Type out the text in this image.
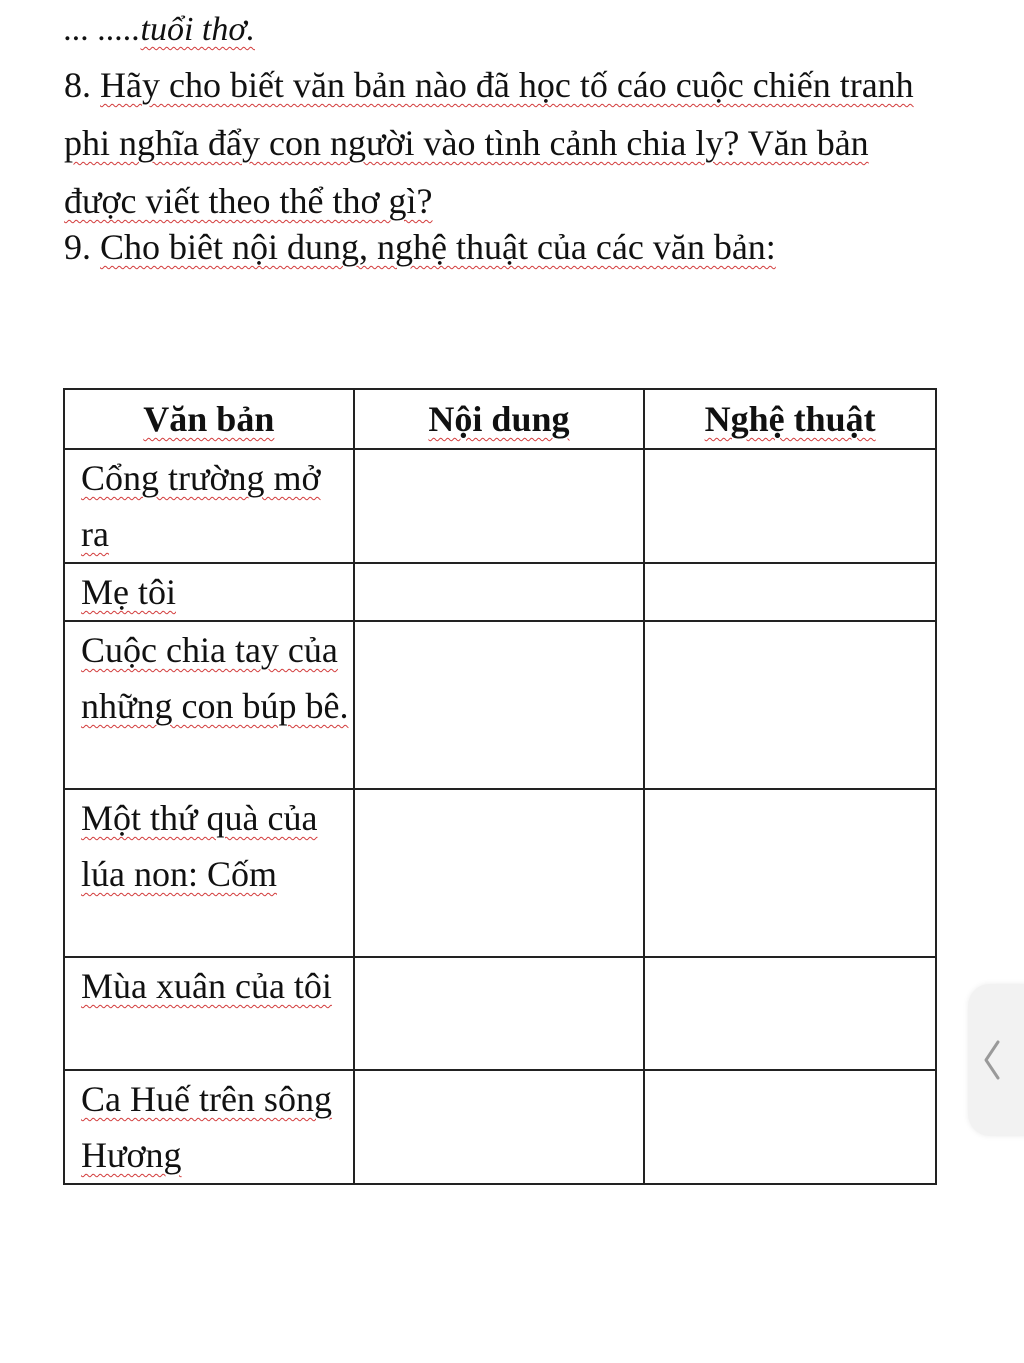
... .....tuổi thơ.

8. Hãy cho biết văn bản nào đã học tố cáo cuộc chiến tranh phi nghĩa đẩy con người vào tình cảnh chia ly? Văn bản được viết theo thể thơ gì?

9. Cho biêt nội dung, nghệ thuật của các văn bản:

Văn bản	Nội dung	Nghệ thuật

Cổng trường mở ra		

Mẹ tôi		

Cuộc chia tay của những con búp bê.		

Một thứ quà của lúa non: Cốm		

Mùa xuân của tôi		

Ca Huế trên sông Hương		
